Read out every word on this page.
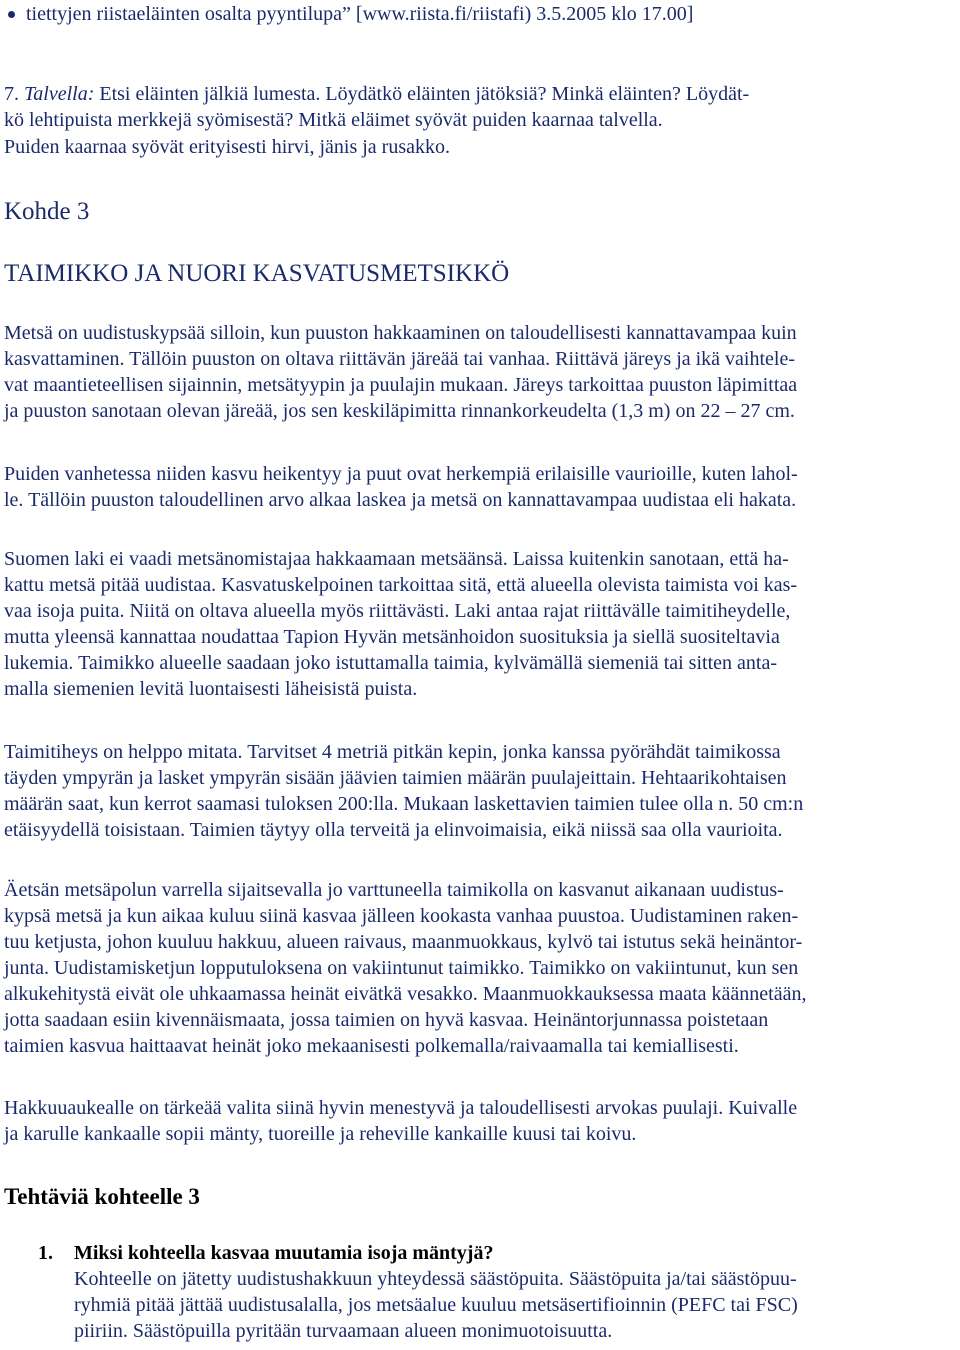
tiettyjen riistaeläinten osalta pyyntilupa” [www.riista.fi/riistafi) 3.5.2005 klo 17.00]
7. Talvella: Etsi eläinten jälkiä lumesta. Löydätkö eläinten jätöksiä? Minkä eläinten? Löydät-
kö lehtipuista merkkejä syömisestä? Mitkä eläimet syövät puiden kaarnaa talvella.
Puiden kaarnaa syövät erityisesti hirvi, jänis ja rusakko.
Kohde 3
TAIMIKKO JA NUORI KASVATUSMETSIKKÖ
Metsä on uudistuskypsää silloin, kun puuston hakkaaminen on taloudellisesti kannattavampaa kuin
kasvattaminen. Tällöin puuston on oltava riittävän järeää tai vanhaa. Riittävä järeys ja ikä vaihtele-
vat maantieteellisen sijainnin, metsätyypin ja puulajin mukaan. Järeys tarkoittaa puuston läpimittaa
ja puuston sanotaan olevan järeää, jos sen keskiläpimitta rinnankorkeudelta (1,3 m) on 22 – 27 cm.
Puiden vanhetessa niiden kasvu heikentyy ja puut ovat herkempiä erilaisille vaurioille, kuten lahol-
le. Tällöin puuston taloudellinen arvo alkaa laskea ja metsä on kannattavampaa uudistaa eli hakata.
Suomen laki ei vaadi metsänomistajaa hakkaamaan metsäänsä. Laissa kuitenkin sanotaan, että ha-
kattu metsä pitää uudistaa. Kasvatuskelpoinen tarkoittaa sitä, että alueella olevista taimista voi kas-
vaa isoja puita. Niitä on oltava alueella myös riittävästi. Laki antaa rajat riittävälle taimitiheydelle,
mutta yleensä kannattaa noudattaa Tapion Hyvän metsänhoidon suosituksia ja siellä suositeltavia
lukemia. Taimikko alueelle saadaan joko istuttamalla taimia, kylvämällä siemeniä tai sitten anta-
malla siemenien levitä luontaisesti läheisistä puista.
Taimitiheys on helppo mitata. Tarvitset 4 metriä pitkän kepin, jonka kanssa pyörähdät taimikossa
täyden ympyrän ja lasket ympyrän sisään jäävien taimien määrän puulajeittain. Hehtaarikohtaisen
määrän saat, kun kerrot saamasi tuloksen 200:lla. Mukaan laskettavien taimien tulee olla n. 50 cm:n
etäisyydellä toisistaan. Taimien täytyy olla terveitä ja elinvoimaisia, eikä niissä saa olla vaurioita.
Äetsän metsäpolun varrella sijaitsevalla jo varttuneella taimikolla on kasvanut aikanaan uudistus-
kypsä metsä ja kun aikaa kuluu siinä kasvaa jälleen kookasta vanhaa puustoa. Uudistaminen raken-
tuu ketjusta, johon kuuluu hakkuu, alueen raivaus, maanmuokkaus, kylvö tai istutus sekä heinäntor-
junta. Uudistamisketjun lopputuloksena on vakiintunut taimikko. Taimikko on vakiintunut, kun sen
alkukehitystä eivät ole uhkaamassa heinät eivätkä vesakko. Maanmuokkauksessa maata käännetään,
jotta saadaan esiin kivennäismaata, jossa taimien on hyvä kasvaa. Heinäntorjunnassa poistetaan
taimien kasvua haittaavat heinät joko mekaanisesti polkemalla/raivaamalla tai kemiallisesti.
Hakkuuaukealle on tärkeää valita siinä hyvin menestyvä ja taloudellisesti arvokas puulaji. Kuivalle
ja karulle kankaalle sopii mänty, tuoreille ja reheville kankaille kuusi tai koivu.
Tehtäviä kohteelle 3
1. Miksi kohteella kasvaa muutamia isoja mäntyjä?
Kohteelle on jätetty uudistushakkuun yhteydessä säästöpuita. Säästöpuita ja/tai säästöpuu-
ryhmiä pitää jättää uudistusalalla, jos metsäalue kuuluu metsäsertifioinnin (PEFC tai FSC)
piiriin. Säästöpuilla pyritään turvaamaan alueen monimuotoisuutta.
